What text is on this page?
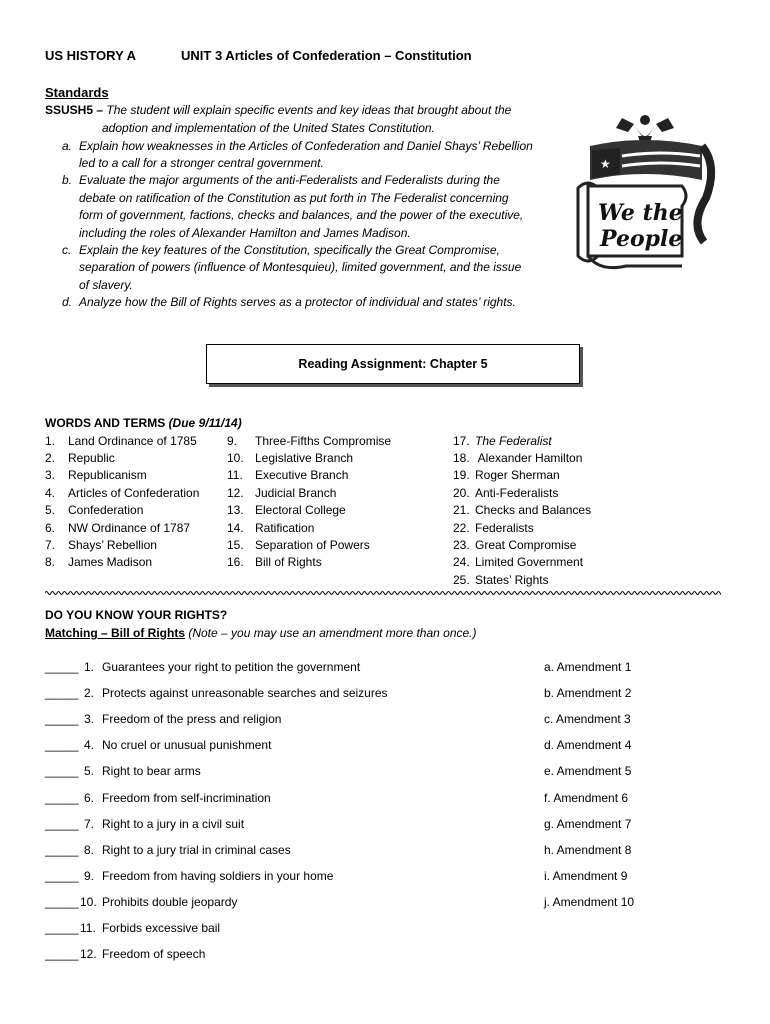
US HISTORY A	UNIT 3 Articles of Confederation – Constitution
Standards
SSUSH5 – The student will explain specific events and key ideas that brought about the
adoption and implementation of the United States Constitution.
a. Explain how weaknesses in the Articles of Confederation and Daniel Shays’ Rebellion
led to a call for a stronger central government.
b. Evaluate the major arguments of the anti-Federalists and Federalists during the
debate on ratification of the Constitution as put forth in The Federalist concerning
form of government, factions, checks and balances, and the power of the executive,
including the roles of Alexander Hamilton and James Madison.
c. Explain the key features of the Constitution, specifically the Great Compromise,
separation of powers (influence of Montesquieu), limited government, and the issue
of slavery.
d. Analyze how the Bill of Rights serves as a protector of individual and states’ rights.
★
We the
People
Reading Assignment: Chapter 5
WORDS AND TERMS (Due 9/11/14)
1. Land Ordinance of 1785
2. Republic
3. Republicanism
4. Articles of Confederation
5. Confederation
6. NW Ordinance of 1787
7. Shays’ Rebellion
8. James Madison
9. Three-Fifths Compromise
10. Legislative Branch
11. Executive Branch
12. Judicial Branch
13. Electoral College
14. Ratification
15. Separation of Powers
16. Bill of Rights
17. The Federalist
18. Alexander Hamilton
19. Roger Sherman
20. Anti-Federalists
21. Checks and Balances
22. Federalists
23. Great Compromise
24. Limited Government
25. States’ Rights
DO YOU KNOW YOUR RIGHTS?
Matching – Bill of Rights (Note – you may use an amendment more than once.)
_____ 1. Guarantees your right to petition the government
_____ 2. Protects against unreasonable searches and seizures
_____ 3. Freedom of the press and religion
_____ 4. No cruel or unusual punishment
_____ 5. Right to bear arms
_____ 6. Freedom from self-incrimination
_____ 7. Right to a jury in a civil suit
_____ 8. Right to a jury trial in criminal cases
_____ 9. Freedom from having soldiers in your home
_____ 10. Prohibits double jeopardy
_____ 11. Forbids excessive bail
_____ 12. Freedom of speech
a. Amendment 1
b. Amendment 2
c. Amendment 3
d. Amendment 4
e. Amendment 5
f. Amendment 6
g. Amendment 7
h. Amendment 8
i. Amendment 9
j. Amendment 10
